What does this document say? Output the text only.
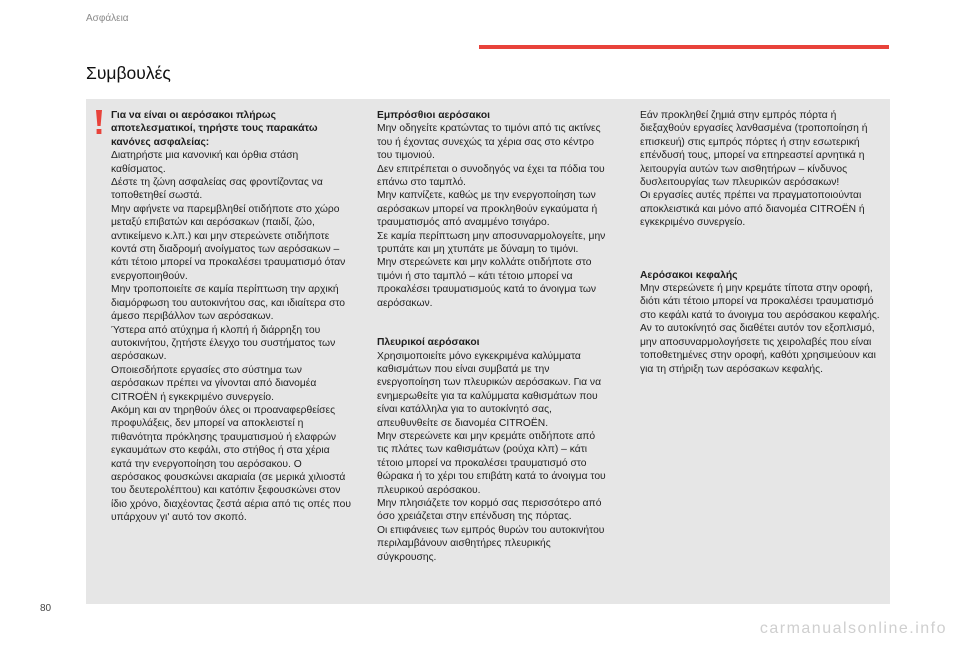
Ασφάλεια
Συμβουλές

Για να είναι οι αερόσακοι πλήρως αποτελεσματικοί, τηρήστε τους παρακάτω κανόνες ασφαλείας:

Διατηρήστε μια κανονική και όρθια στάση καθίσματος.
Δέστε τη ζώνη ασφαλείας σας φροντίζοντας να τοποθετηθεί σωστά.
Μην αφήνετε να παρεμβληθεί οτιδήποτε στο χώρο μεταξύ επιβατών και αερόσακων (παιδί, ζώο, αντικείμενο κ.λπ.) και μην στερεώνετε οτιδήποτε κοντά στη διαδρομή ανοίγματος των αερόσακων – κάτι τέτοιο μπορεί να προκαλέσει τραυματισμό όταν ενεργοποιηθούν.
Μην τροποποιείτε σε καμία περίπτωση την αρχική διαμόρφωση του αυτοκινήτου σας, και ιδιαίτερα στο άμεσο περιβάλλον των αερόσακων.
Ύστερα από ατύχημα ή κλοπή ή διάρρηξη του αυτοκινήτου, ζητήστε έλεγχο του συστήματος των αερόσακων.
Οποιεσδήποτε εργασίες στο σύστημα των αερόσακων πρέπει να γίνονται από διανομέα CITROËN ή εγκεκριμένο συνεργείο.
Ακόμη και αν τηρηθούν όλες οι προαναφερθείσες προφυλάξεις, δεν μπορεί να αποκλειστεί η πιθανότητα πρόκλησης τραυματισμού ή ελαφρών εγκαυμάτων στο κεφάλι, στο στήθος ή στα χέρια κατά την ενεργοποίηση του αερόσακου. Ο αερόσακος φουσκώνει ακαριαία (σε μερικά χιλιοστά του δευτερολέπτου) και κατόπιν ξεφουσκώνει στον ίδιο χρόνο, διαχέοντας ζεστά αέρια από τις οπές που υπάρχουν γι' αυτό τον σκοπό.

Εμπρόσθιοι αερόσακοι

Μην οδηγείτε κρατώντας το τιμόνι από τις ακτίνες του ή έχοντας συνεχώς τα χέρια σας στο κέντρο του τιμονιού.
Δεν επιτρέπεται ο συνοδηγός να έχει τα πόδια του επάνω στο ταμπλό.
Μην καπνίζετε, καθώς με την ενεργοποίηση των αερόσακων μπορεί να προκληθούν εγκαύματα ή τραυματισμός από αναμμένο τσιγάρο.
Σε καμία περίπτωση μην αποσυναρμολογείτε, μην τρυπάτε και μη χτυπάτε με δύναμη το τιμόνι.
Μην στερεώνετε και μην κολλάτε οτιδήποτε στο τιμόνι ή στο ταμπλό – κάτι τέτοιο μπορεί να προκαλέσει τραυματισμούς κατά το άνοιγμα των αερόσακων.

Πλευρικοί αερόσακοι

Χρησιμοποιείτε μόνο εγκεκριμένα καλύμματα καθισμάτων που είναι συμβατά με την ενεργοποίηση των πλευρικών αερόσακων. Για να ενημερωθείτε για τα καλύμματα καθισμάτων που είναι κατάλληλα για το αυτοκίνητό σας, απευθυνθείτε σε διανομέα CITROËN.
Μην στερεώνετε και μην κρεμάτε οτιδήποτε από τις πλάτες των καθισμάτων (ρούχα κλπ) – κάτι τέτοιο μπορεί να προκαλέσει τραυματισμό στο θώρακα ή το χέρι του επιβάτη κατά το άνοιγμα του πλευρικού αερόσακου.
Μην πλησιάζετε τον κορμό σας περισσότερο από όσο χρειάζεται στην επένδυση της πόρτας.
Οι επιφάνειες των εμπρός θυρών του αυτοκινήτου περιλαμβάνουν αισθητήρες πλευρικής σύγκρουσης.

Εάν προκληθεί ζημιά στην εμπρός πόρτα ή διεξαχθούν εργασίες λανθασμένα (τροποποίηση ή επισκευή) στις εμπρός πόρτες ή στην εσωτερική επένδυσή τους, μπορεί να επηρεαστεί αρνητικά η λειτουργία αυτών των αισθητήρων – κίνδυνος δυσλειτουργίας των πλευρικών αερόσακων!
Οι εργασίες αυτές πρέπει να πραγματοποιούνται αποκλειστικά και μόνο από διανομέα CITROËN ή εγκεκριμένο συνεργείο.

Αερόσακοι κεφαλής

Μην στερεώνετε ή μην κρεμάτε τίποτα στην οροφή, διότι κάτι τέτοιο μπορεί να προκαλέσει τραυματισμό στο κεφάλι κατά το άνοιγμα του αερόσακου κεφαλής. Αν το αυτοκίνητό σας διαθέτει αυτόν τον εξοπλισμό, μην αποσυναρμολογήσετε τις χειρολαβές που είναι τοποθετημένες στην οροφή, καθότι χρησιμεύουν και για τη στήριξη των αερόσακων κεφαλής.

80
carmanualsonline.info
